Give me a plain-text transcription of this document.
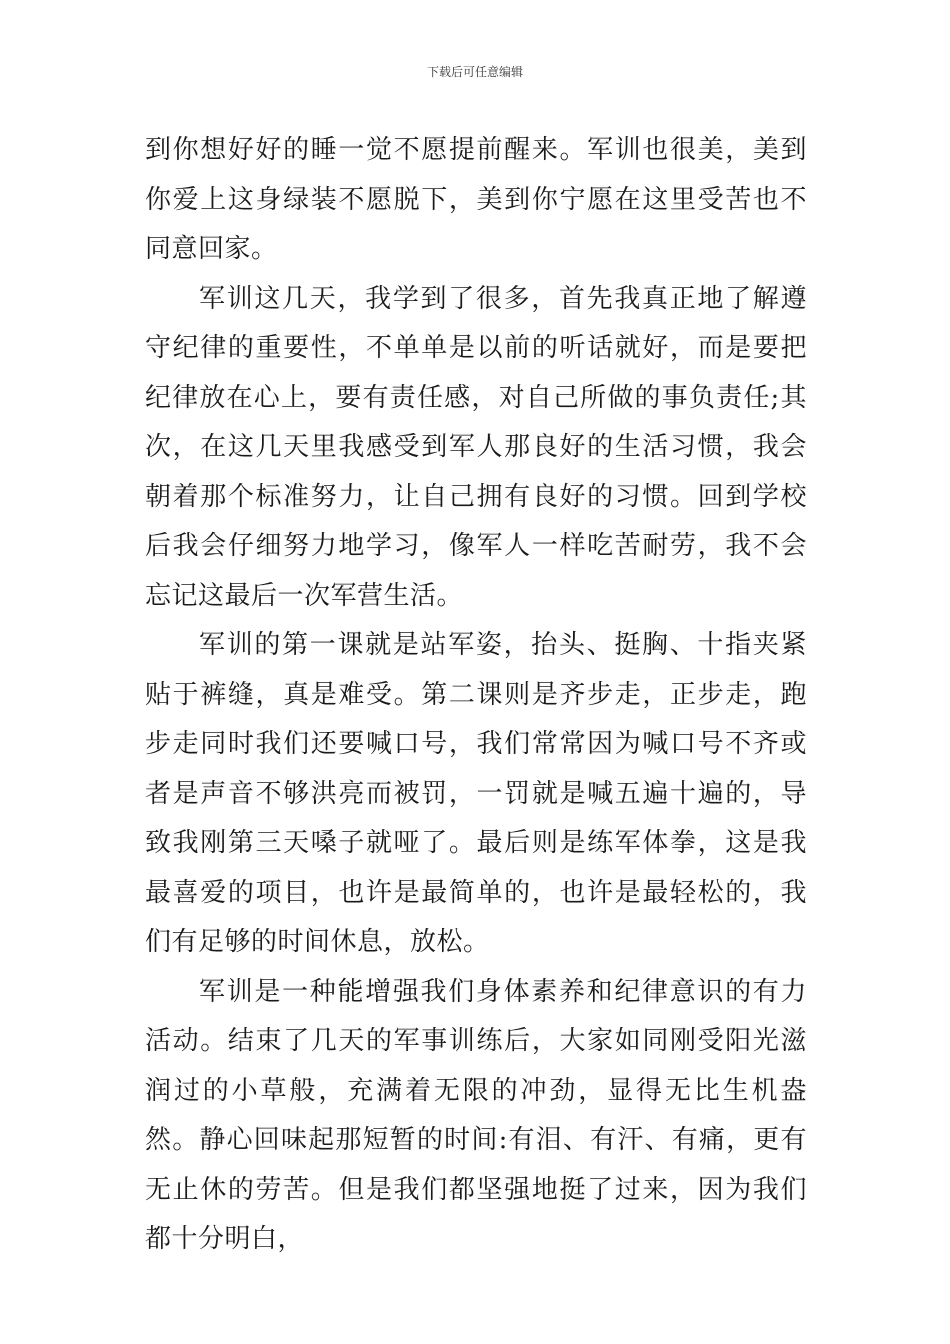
下载后可任意编辑

到你想好好的睡一觉不愿提前醒来。军训也很美，美到你爱上这身绿装不愿脱下，美到你宁愿在这里受苦也不同意回家。

军训这几天，我学到了很多，首先我真正地了解遵守纪律的重要性，不单单是以前的听话就好，而是要把纪律放在心上，要有责任感，对自己所做的事负责任;其次，在这几天里我感受到军人那良好的生活习惯，我会朝着那个标准努力，让自己拥有良好的习惯。回到学校后我会仔细努力地学习，像军人一样吃苦耐劳，我不会忘记这最后一次军营生活。

军训的第一课就是站军姿，抬头、挺胸、十指夹紧贴于裤缝，真是难受。第二课则是齐步走，正步走，跑步走同时我们还要喊口号，我们常常因为喊口号不齐或者是声音不够洪亮而被罚，一罚就是喊五遍十遍的，导致我刚第三天嗓子就哑了。最后则是练军体拳，这是我最喜爱的项目，也许是最简单的，也许是最轻松的，我们有足够的时间休息，放松。

军训是一种能增强我们身体素养和纪律意识的有力活动。结束了几天的军事训练后，大家如同刚受阳光滋润过的小草般，充满着无限的冲劲，显得无比生机盎然。静心回味起那短暂的时间:有泪、有汗、有痛，更有无止休的劳苦。但是我们都坚强地挺了过来，因为我们都十分明白，
